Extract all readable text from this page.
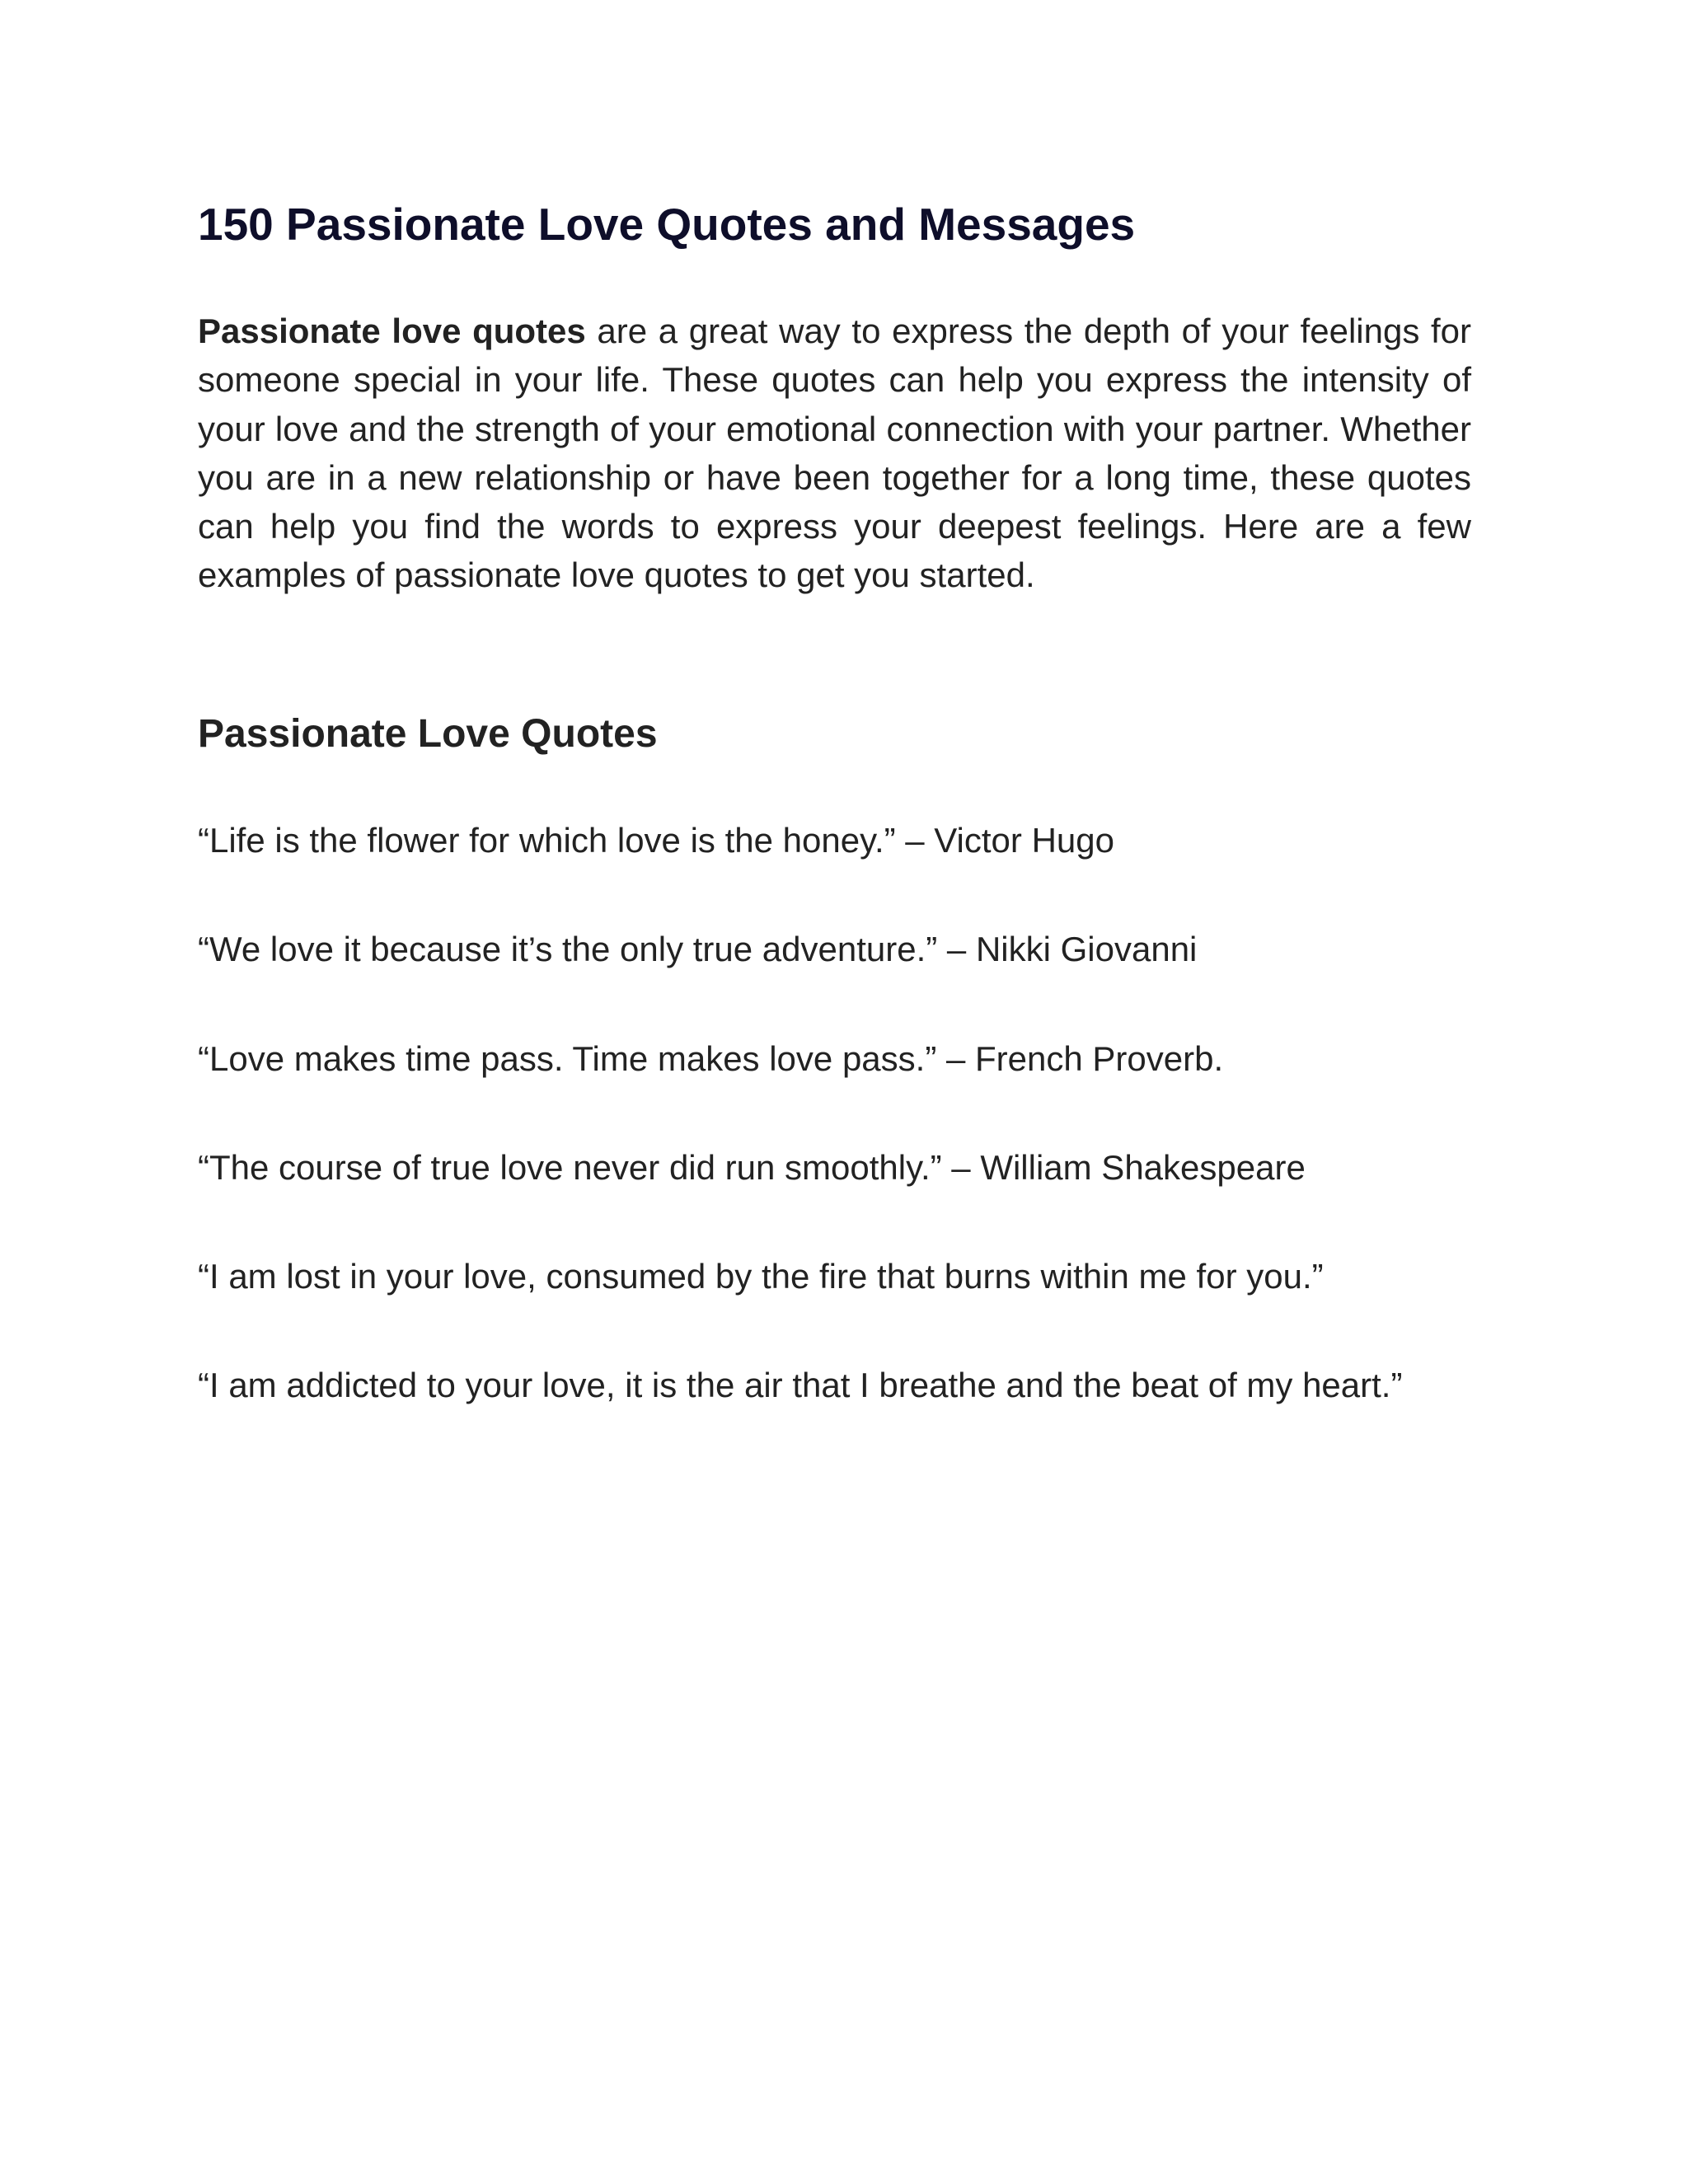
150 Passionate Love Quotes and Messages

Passionate love quotes are a great way to express the depth of your feelings for someone special in your life. These quotes can help you express the intensity of your love and the strength of your emotional connection with your partner. Whether you are in a new relationship or have been together for a long time, these quotes can help you find the words to express your deepest feelings. Here are a few examples of passionate love quotes to get you started.

Passionate Love Quotes
“Life is the flower for which love is the honey.” – Victor Hugo
“We love it because it’s the only true adventure.” – Nikki Giovanni
“Love makes time pass. Time makes love pass.” – French Proverb.
“The course of true love never did run smoothly.” – William Shakespeare
“I am lost in your love, consumed by the fire that burns within me for you.”
“I am addicted to your love, it is the air that I breathe and the beat of my heart.”
